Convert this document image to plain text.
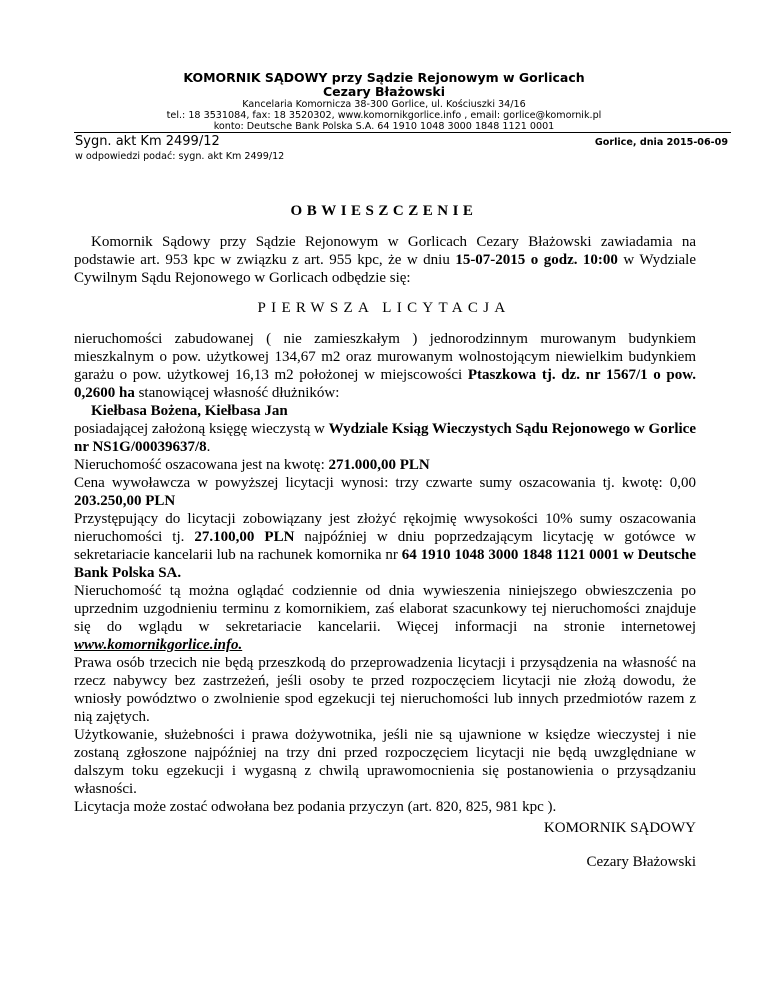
KOMORNIK SĄDOWY przy Sądzie Rejonowym w Gorlicach
Cezary Błażowski
Kancelaria Komornicza 38-300 Gorlice, ul. Kościuszki 34/16
tel.: 18 3531084, fax: 18 3520302, www.komornikgorlice.info , email: gorlice@komornik.pl
konto: Deutsche Bank Polska S.A. 64 1910 1048 3000 1848 1121 0001
Sygn. akt Km 2499/12	Gorlice, dnia 2015-06-09
w odpowiedzi podać: sygn. akt Km 2499/12
OBWIESZCZENIE

Komornik Sądowy przy Sądzie Rejonowym w Gorlicach Cezary Błażowski zawiadamia na podstawie art. 953 kpc w związku z art. 955 kpc, że w dniu 15-07-2015 o godz. 10:00 w Wydziale Cywilnym Sądu Rejonowego w Gorlicach odbędzie się:

PIERWSZA LICYTACJA

nieruchomości zabudowanej ( nie zamieszkałym ) jednorodzinnym murowanym budynkiem mieszkalnym o pow. użytkowej 134,67 m2 oraz murowanym wolnostojącym niewielkim budynkiem garażu o pow. użytkowej 16,13 m2 położonej w miejscowości Ptaszkowa tj. dz. nr 1567/1 o pow. 0,2600 ha stanowiącej własność dłużników:

Kiełbasa Bożena, Kiełbasa Jan

posiadającej założoną księgę wieczystą w Wydziale Ksiąg Wieczystych Sądu Rejonowego w Gorlice nr NS1G/00039637/8.

Nieruchomość oszacowana jest na kwotę: 271.000,00 PLN

Cena wywoławcza w powyższej licytacji wynosi: trzy czwarte sumy oszacowania tj. kwotę: 0,00 203.250,00 PLN

Przystępujący do licytacji zobowiązany jest złożyć rękojmię wwysokości 10% sumy oszacowania nieruchomości tj. 27.100,00 PLN najpóźniej w dniu poprzedzającym licytację w gotówce w sekretariacie kancelarii lub na rachunek komornika nr 64 1910 1048 3000 1848 1121 0001 w Deutsche Bank Polska SA.

Nieruchomość tą można oglądać codziennie od dnia wywieszenia niniejszego obwieszczenia po uprzednim uzgodnieniu terminu z komornikiem, zaś elaborat szacunkowy tej nieruchomości znajduje się do wglądu w sekretariacie kancelarii. Więcej informacji na stronie internetowej www.komornikgorlice.info.

Prawa osób trzecich nie będą przeszkodą do przeprowadzenia licytacji i przysądzenia na własność na rzecz nabywcy bez zastrzeżeń, jeśli osoby te przed rozpoczęciem licytacji nie złożą dowodu, że wniosły powództwo o zwolnienie spod egzekucji tej nieruchomości lub innych przedmiotów razem z nią zajętych.

Użytkowanie, służebności i prawa dożywotnika, jeśli nie są ujawnione w księdze wieczystej i nie zostaną zgłoszone najpóźniej na trzy dni przed rozpoczęciem licytacji nie będą uwzględniane w dalszym toku egzekucji i wygasną z chwilą uprawomocnienia się postanowienia o przysądzaniu własności.

Licytacja może zostać odwołana bez podania przyczyn (art. 820, 825, 981 kpc ).

KOMORNIK SĄDOWY
Cezary Błażowski
